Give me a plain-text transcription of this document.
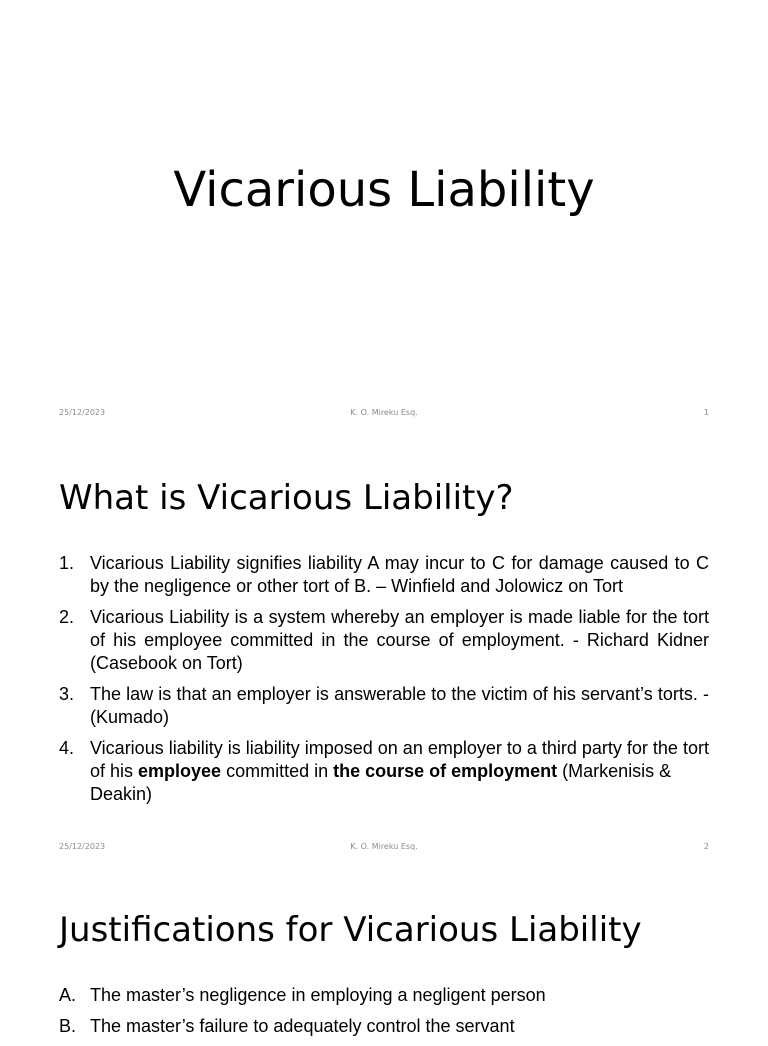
Vicarious Liability
25/12/2023	K. O. Mireku Esq.	1
What is Vicarious Liability?
1. Vicarious Liability signifies liability A may incur to C for damage caused to C by the negligence or other tort of B. – Winfield and Jolowicz on Tort
2. Vicarious Liability is a system whereby an employer is made liable for the tort of his employee committed in the course of employment. - Richard Kidner (Casebook on Tort)
3. The law is that an employer is answerable to the victim of his servant’s torts. - (Kumado)
4. Vicarious liability is liability imposed on an employer to a third party for the tort of his employee committed in the course of employment (Markenisis & Deakin)
25/12/2023	K. O. Mireku Esq.	2
Justifications for Vicarious Liability
A. The master’s negligence in employing a negligent person
B. The master’s failure to adequately control the servant
